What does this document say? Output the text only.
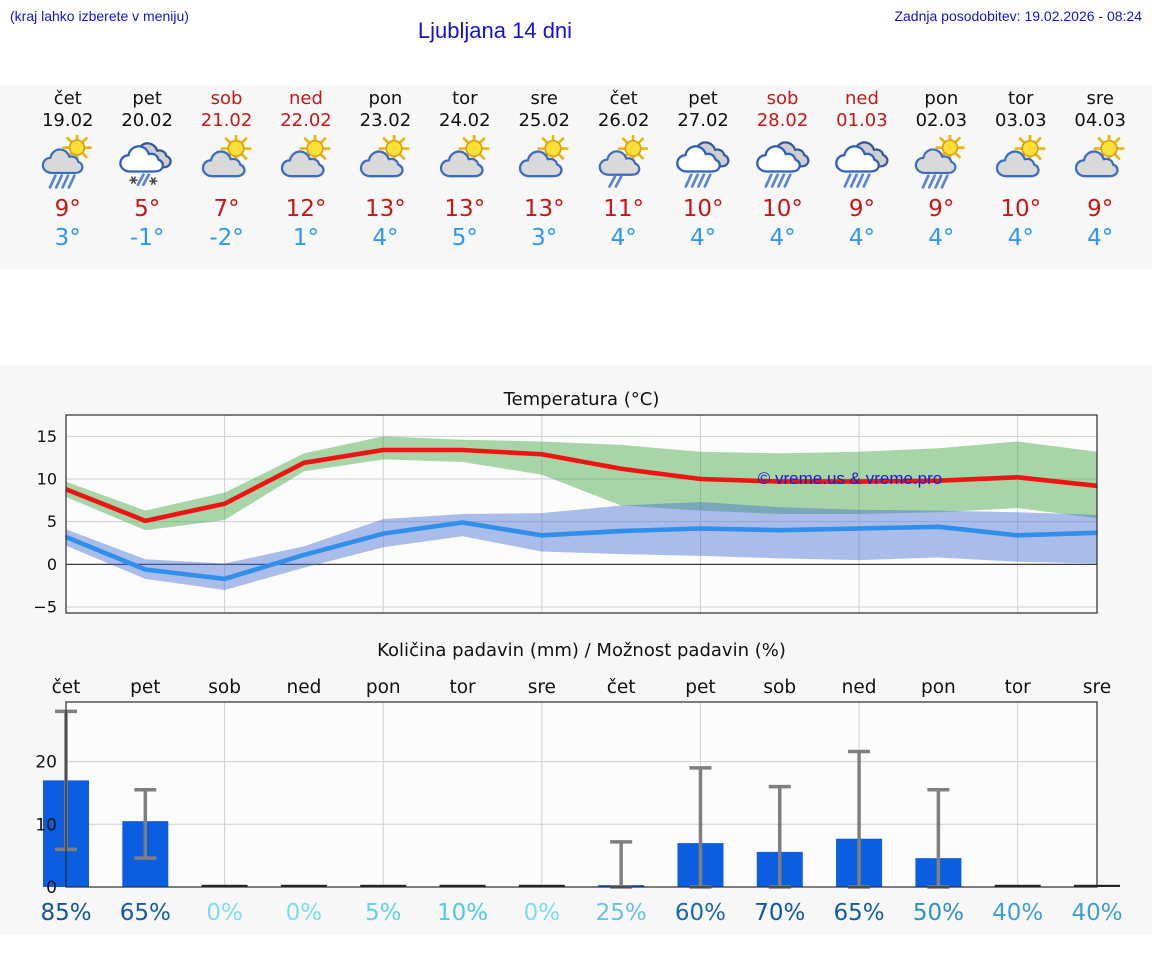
(kraj lahko izberete v meniju)
Ljubljana 14 dni
Zadnja posodobitev: 19.02.2026 - 08:24
čet
19.02
9°
3°
pet
20.02
5°
-1°
sob
21.02
7°
-2°
ned
22.02
12°
1°
pon
23.02
13°
4°
tor
24.02
13°
5°
sre
25.02
13°
3°
čet
26.02
11°
4°
pet
27.02
10°
4°
sob
28.02
10°
4°
ned
01.03
9°
4°
pon
02.03
9°
4°
tor
03.03
10°
4°
sre
04.03
9°
4°
Temperatura (°C)
Količina padavin (mm) / Možnost padavin (%)
15
10
5
0
−5
© vreme.us & vreme.pro
čet	pet	sob ned pon	tor	sre	čet	pet	sob ned pon	tor	sre
0
10
20
85% 65% 0% 0% 5% 10% 0% 25% 60% 70% 65% 50% 40% 40%
